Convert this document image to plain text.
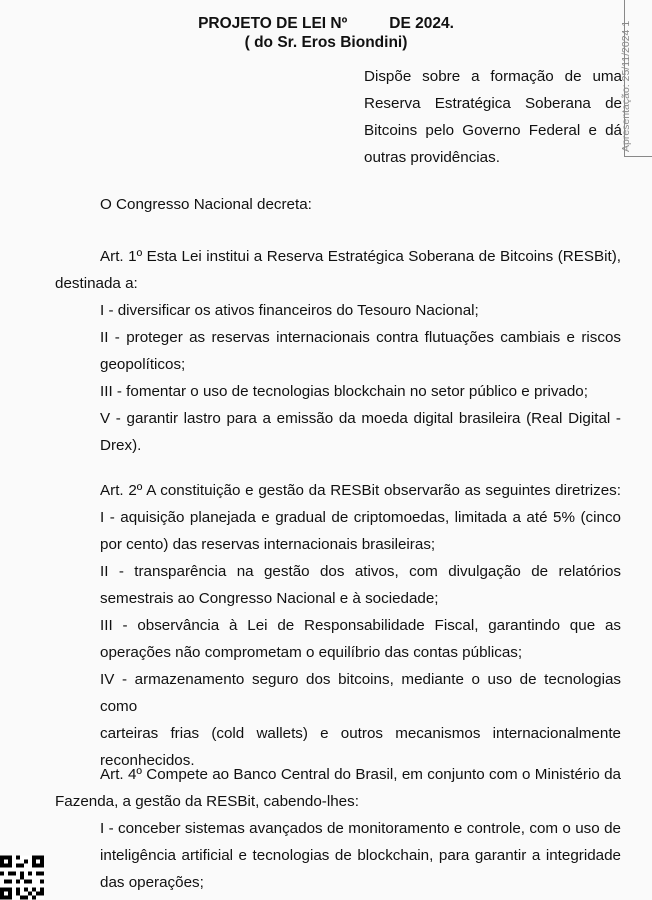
PROJETO DE LEI Nº	DE 2024.
( do Sr. Eros Biondini)	Apresentação: 25/11/2024 1
Dispõe sobre a formação de uma
Reserva Estratégica Soberana de
Bitcoins pelo Governo Federal e dá
outras providências.
O Congresso Nacional decreta:
Art. 1º Esta Lei institui a Reserva Estratégica Soberana de Bitcoins (RESBit),
destinada a:
I - diversificar os ativos financeiros do Tesouro Nacional;
II - proteger as reservas internacionais contra flutuações cambiais e riscos
geopolíticos;
III - fomentar o uso de tecnologias blockchain no setor público e privado;
V - garantir lastro para a emissão da moeda digital brasileira (Real Digital -
Drex).
Art. 2º A constituição e gestão da RESBit observarão as seguintes diretrizes:
I - aquisição planejada e gradual de criptomoedas, limitada a até 5% (cinco
por cento) das reservas internacionais brasileiras;
II - transparência na gestão dos ativos, com divulgação de relatórios
semestrais ao Congresso Nacional e à sociedade;
III - observância à Lei de Responsabilidade Fiscal, garantindo que as
operações não comprometam o equilíbrio das contas públicas;
IV - armazenamento seguro dos bitcoins, mediante o uso de tecnologias como
carteiras frias (cold wallets) e outros mecanismos internacionalmente
reconhecidos.
Art. 4º Compete ao Banco Central do Brasil, em conjunto com o Ministério da
Fazenda, a gestão da RESBit, cabendo-lhes:
I - conceber sistemas avançados de monitoramento e controle, com o uso de
inteligência artificial e tecnologias de blockchain, para garantir a integridade
das operações;
